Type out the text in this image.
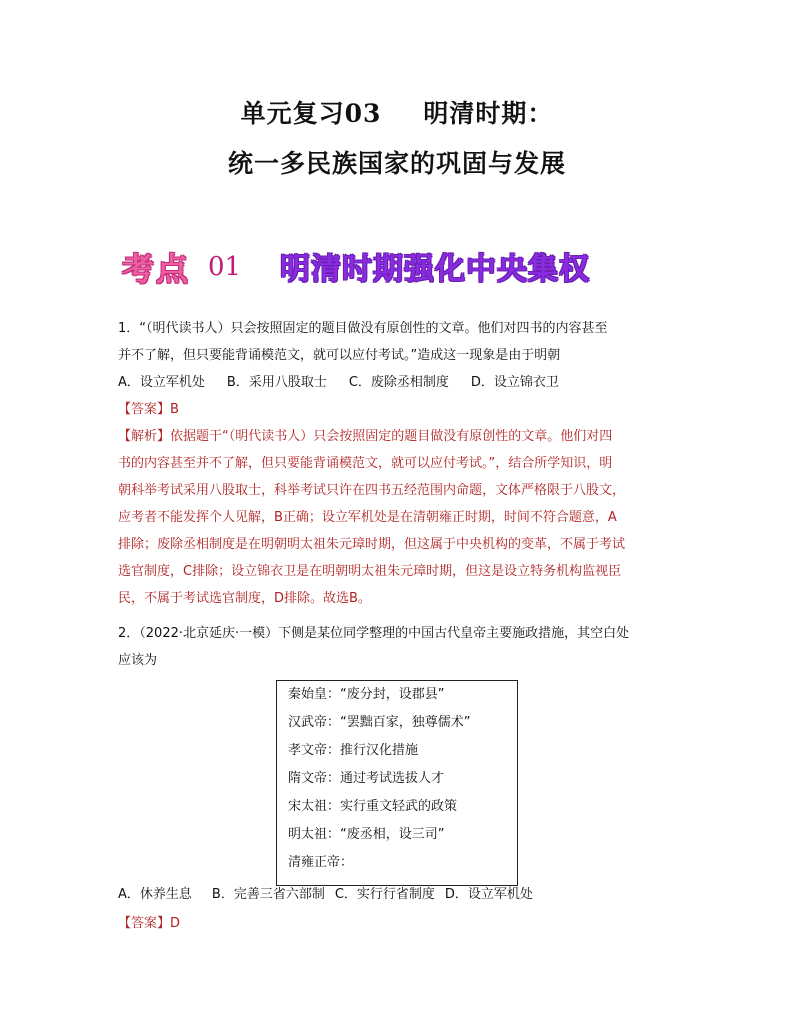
单元复习03 明清时期：
统一多民族国家的巩固与发展
考点 01 明清时期强化中央集权
1．“（明代读书人）只会按照固定的题目做没有原创性的文章。他们对四书的内容甚至
并不了解，但只要能背诵模范文，就可以应付考试。”造成这一现象是由于明朝
A．设立军机处 B．采用八股取士 C．废除丞相制度 D．设立锦衣卫
【答案】B
【解析】依据题干“（明代读书人）只会按照固定的题目做没有原创性的文章。他们对四
书的内容甚至并不了解，但只要能背诵模范文，就可以应付考试。”，结合所学知识，明
朝科举考试采用八股取士，科举考试只许在四书五经范围内命题，文体严格限于八股文，
应考者不能发挥个人见解，B正确；设立军机处是在清朝雍正时期，时间不符合题意，A
排除；废除丞相制度是在明朝明太祖朱元璋时期，但这属于中央机构的变革，不属于考试
选官制度，C排除；设立锦衣卫是在明朝明太祖朱元璋时期，但这是设立特务机构监视臣
民，不属于考试选官制度，D排除。故选B。
2．（2022·北京延庆·一模）下侧是某位同学整理的中国古代皇帝主要施政措施，其空白处
应该为
秦始皇：“废分封，设郡县”
汉武帝：“罢黜百家，独尊儒术”
孝文帝：推行汉化措施
隋文帝：通过考试选拔人才
宋太祖：实行重文轻武的政策
明太祖：“废丞相，设三司”
清雍正帝：
A．休养生息 B．完善三省六部制 C．实行行省制度 D．设立军机处
【答案】D
